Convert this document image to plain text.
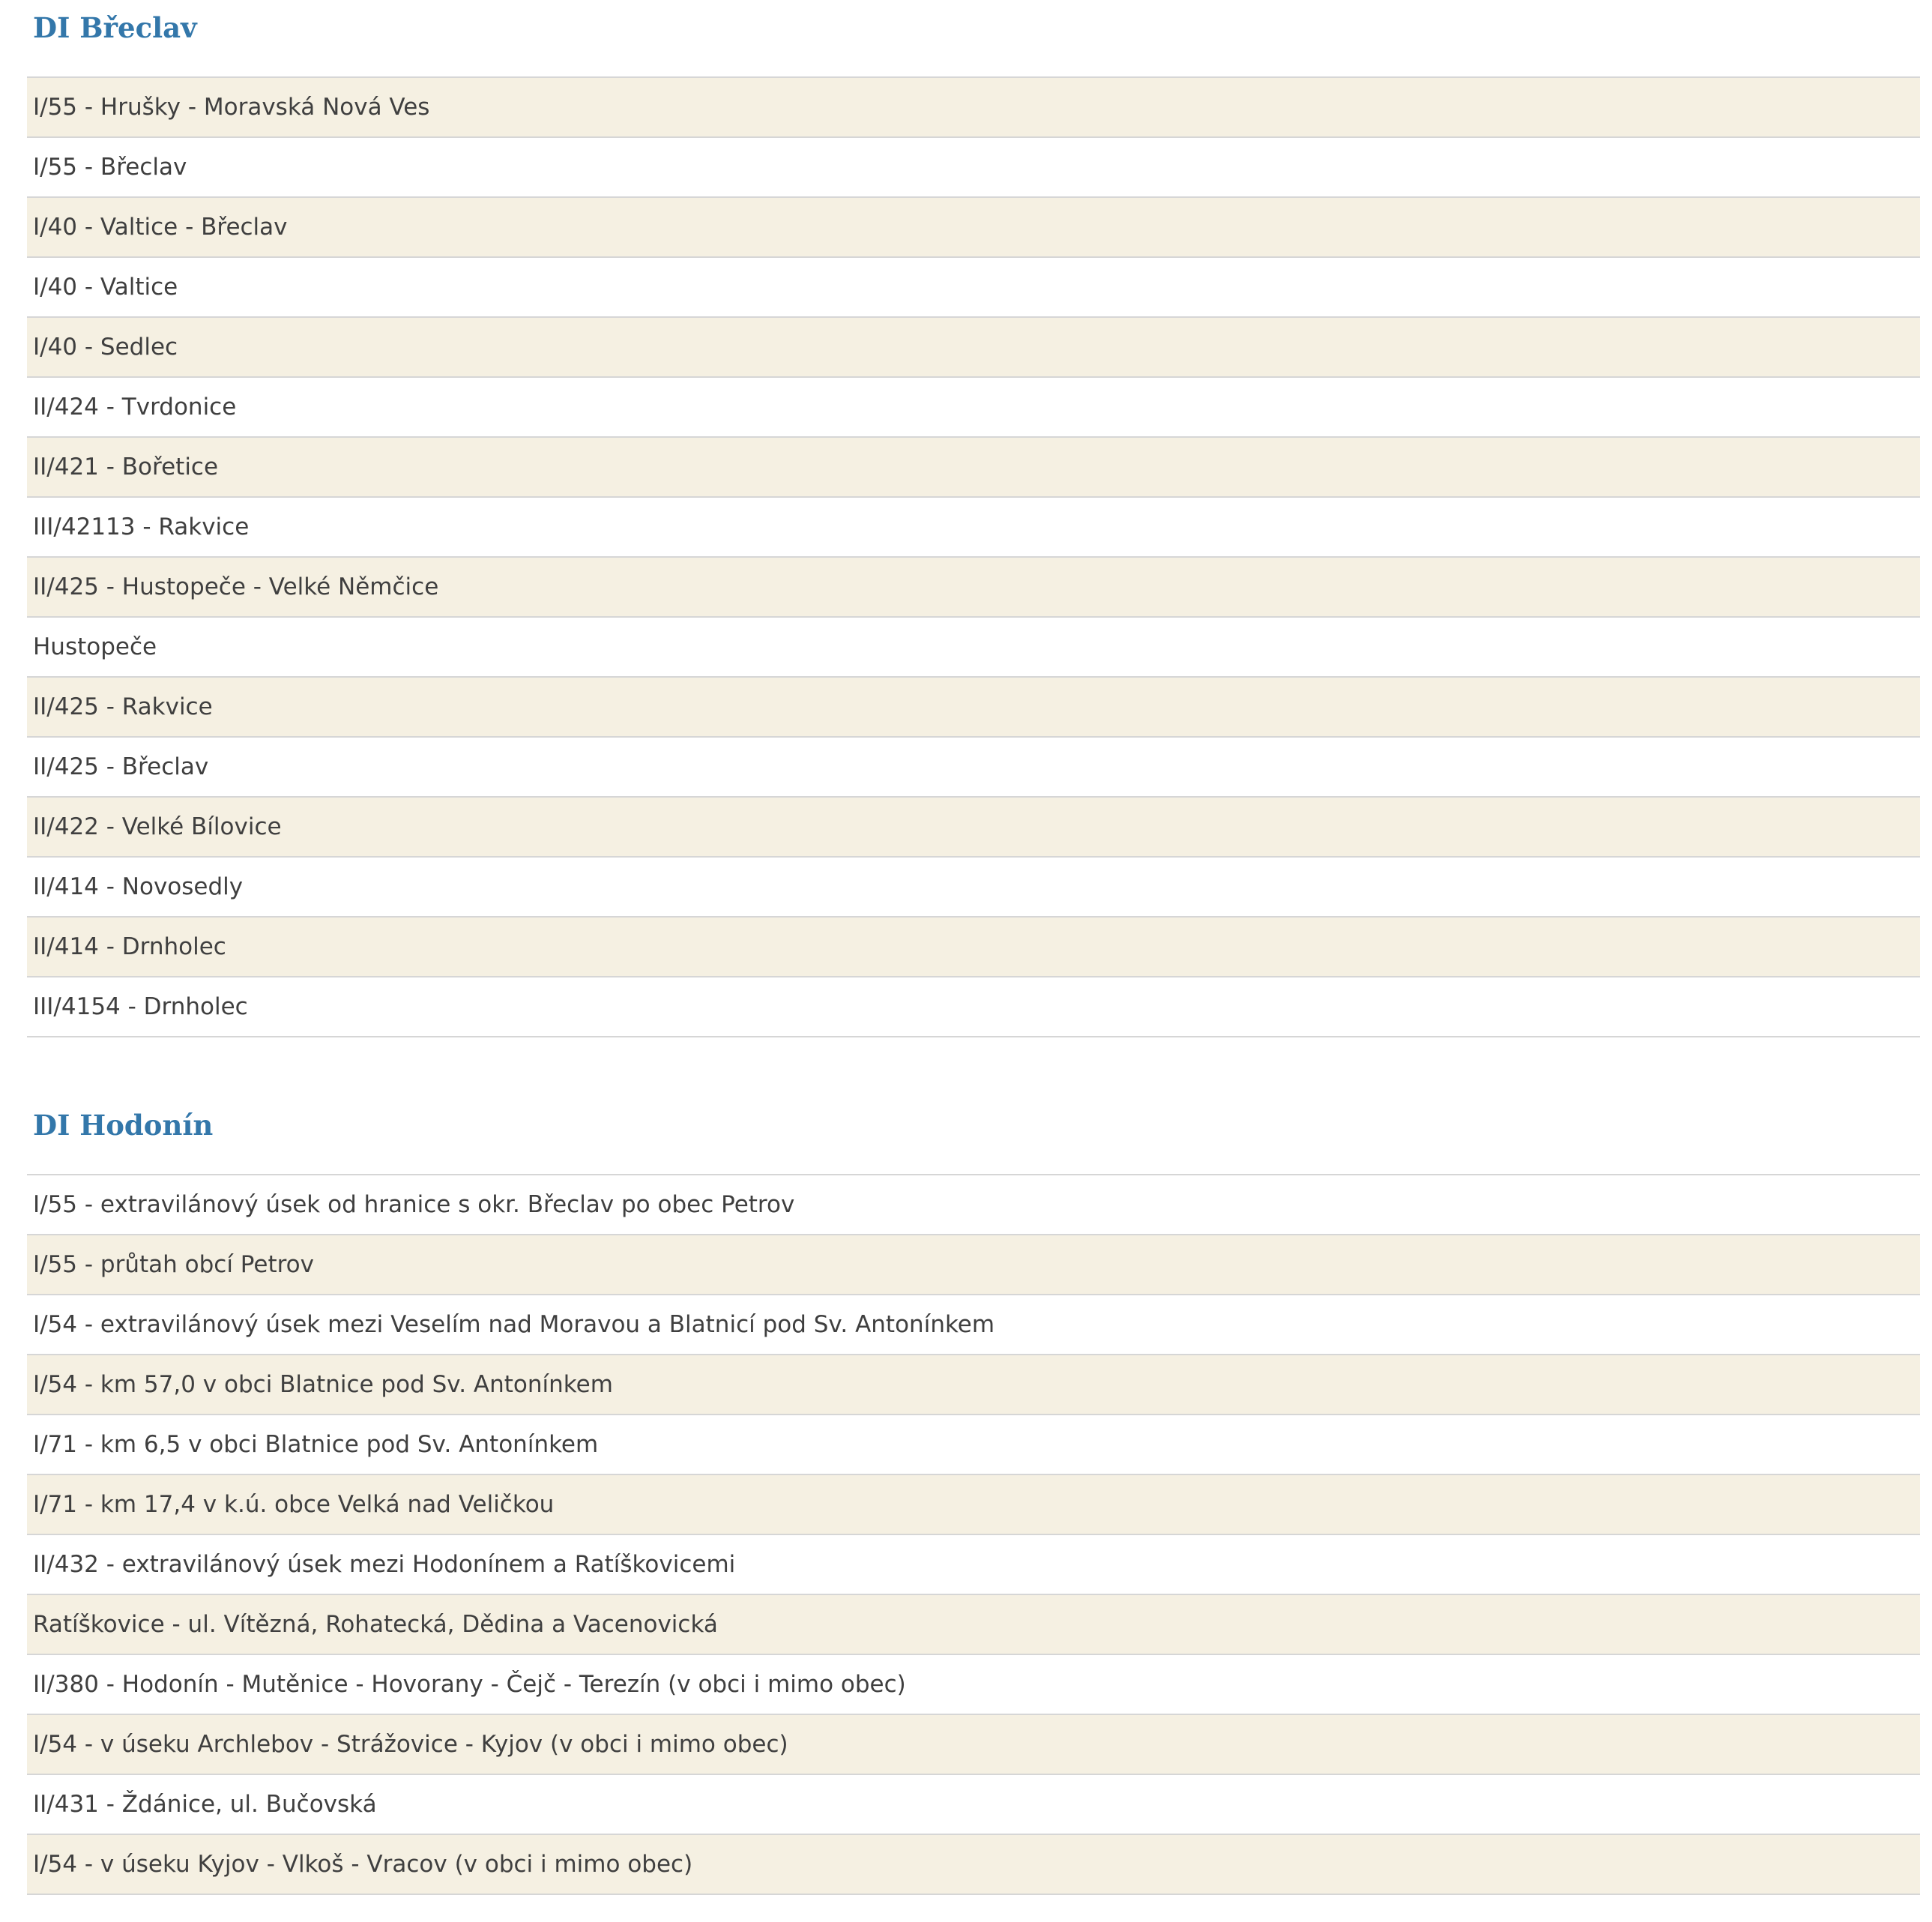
DI Břeclav
I/55 - Hrušky - Moravská Nová Ves
I/55 - Břeclav
I/40 - Valtice - Břeclav
I/40 - Valtice
I/40 - Sedlec
II/424 - Tvrdonice
II/421 - Bořetice
III/42113 - Rakvice
II/425 - Hustopeče - Velké Němčice
Hustopeče
II/425 - Rakvice
II/425 - Břeclav
II/422 - Velké Bílovice
II/414 - Novosedly
II/414 - Drnholec
III/4154 - Drnholec
DI Hodonín
I/55 - extravilánový úsek od hranice s okr. Břeclav po obec Petrov
I/55 - průtah obcí Petrov
I/54 - extravilánový úsek mezi Veselím nad Moravou a Blatnicí pod Sv. Antonínkem
I/54 - km 57,0 v obci Blatnice pod Sv. Antonínkem
I/71 - km 6,5 v obci Blatnice pod Sv. Antonínkem
I/71 - km 17,4 v k.ú. obce Velká nad Veličkou
II/432 - extravilánový úsek mezi Hodonínem a Ratíškovicemi
Ratíškovice - ul. Vítězná, Rohatecká, Dědina a Vacenovická
II/380 - Hodonín - Mutěnice - Hovorany - Čejč - Terezín (v obci i mimo obec)
I/54 - v úseku Archlebov - Strážovice - Kyjov (v obci i mimo obec)
II/431 - Ždánice, ul. Bučovská
I/54 - v úseku Kyjov - Vlkoš - Vracov (v obci i mimo obec)
